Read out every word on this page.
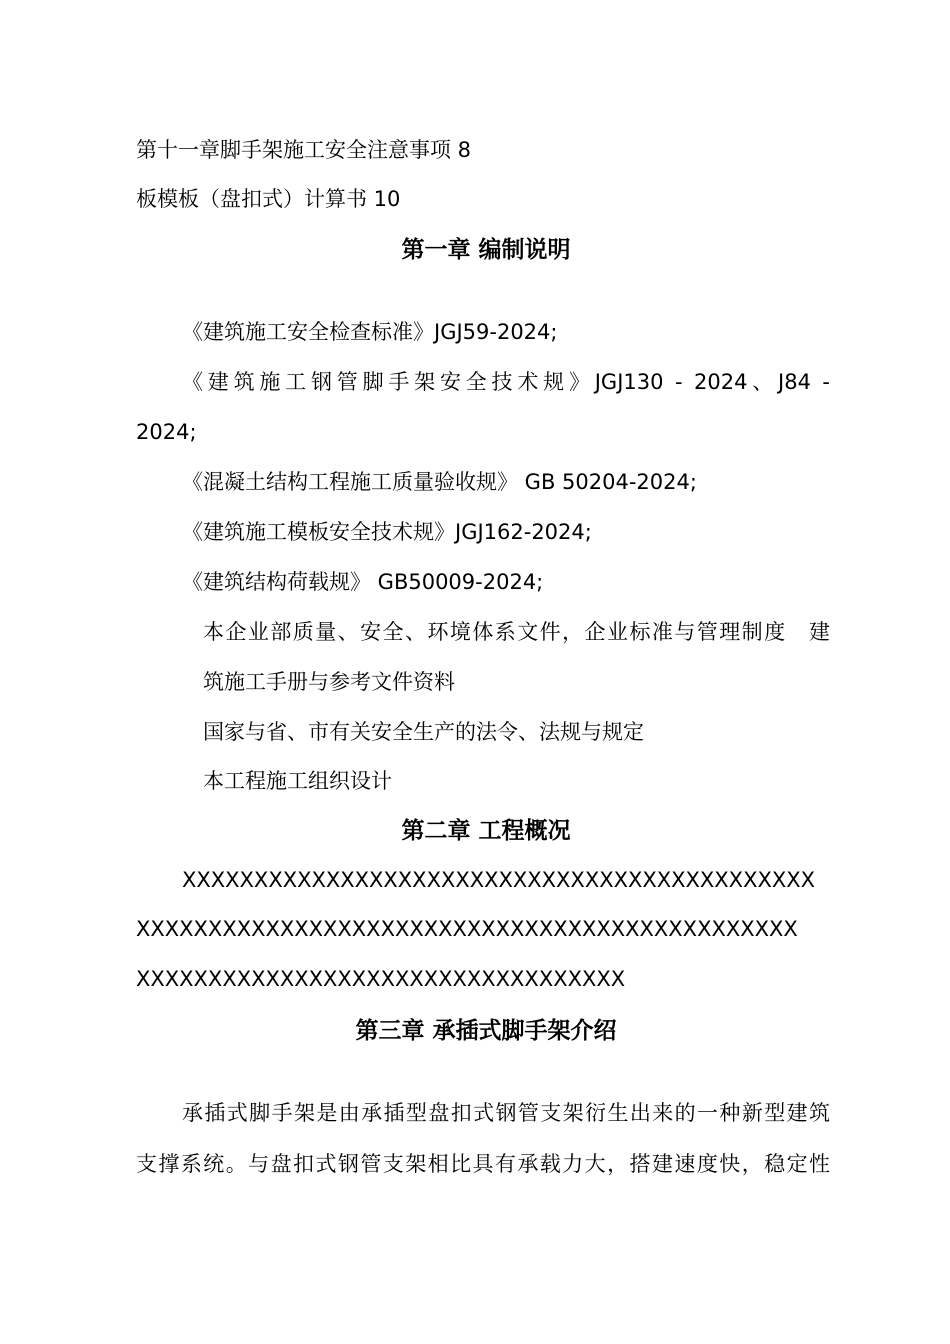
第十一章脚手架施工安全注意事项 8
板模板（盘扣式）计算书 10
第一章 编制说明
《建筑施工安全检查标准》JGJ59-2024;
《建筑施工钢管脚手架安全技术规》JGJ130 - 2024、J84 -
2024;
《混凝土结构工程施工质量验收规》 GB 50204-2024;
《建筑施工模板安全技术规》JGJ162-2024;
《建筑结构荷载规》 GB50009-2024;
本企业部质量、安全、环境体系文件，企业标准与管理制度　建
筑施工手册与参考文件资料
国家与省、市有关安全生产的法令、法规与规定
本工程施工组织设计
第二章 工程概况
XXXXXXXXXXXXXXXXXXXXXXXXXXXXXXXXXXXXXXXXXXXX
XXXXXXXXXXXXXXXXXXXXXXXXXXXXXXXXXXXXXXXXXXXXXX
XXXXXXXXXXXXXXXXXXXXXXXXXXXXXXXXXX
第三章 承插式脚手架介绍
承插式脚手架是由承插型盘扣式钢管支架衍生出来的一种新型建筑
支撑系统。与盘扣式钢管支架相比具有承载力大，搭建速度快，稳定性
